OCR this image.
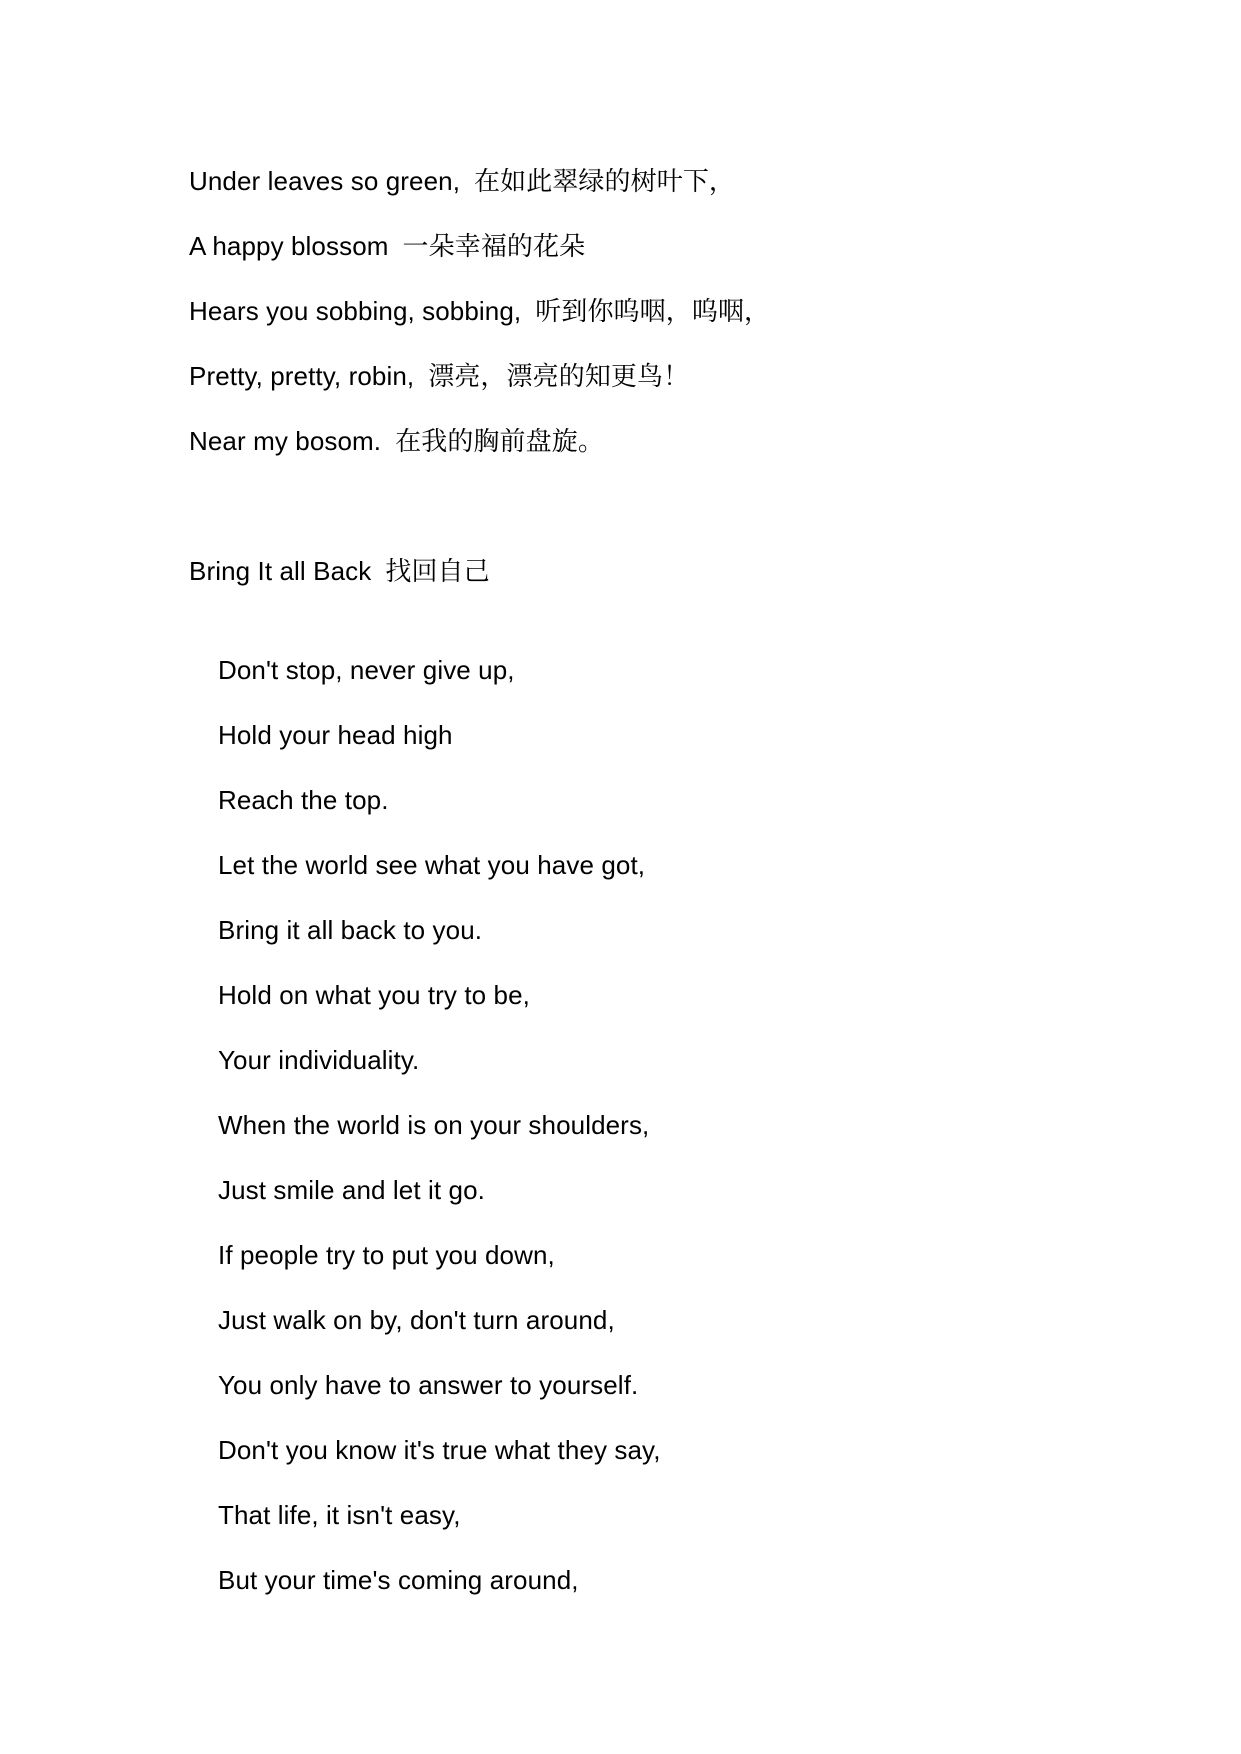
Under leaves so green, 在如此翠绿的树叶下，
A happy blossom 一朵幸福的花朵
Hears you sobbing, sobbing, 听到你呜咽，呜咽，
Pretty, pretty, robin, 漂亮，漂亮的知更鸟！
Near my bosom. 在我的胸前盘旋。
Bring It all Back 找回自己
Don't stop, never give up,
Hold your head high
Reach the top.
Let the world see what you have got,
Bring it all back to you.
Hold on what you try to be,
Your individuality.
When the world is on your shoulders,
Just smile and let it go.
If people try to put you down,
Just walk on by, don't turn around,
You only have to answer to yourself.
Don't you know it's true what they say,
That life, it isn't easy,
But your time's coming around,
